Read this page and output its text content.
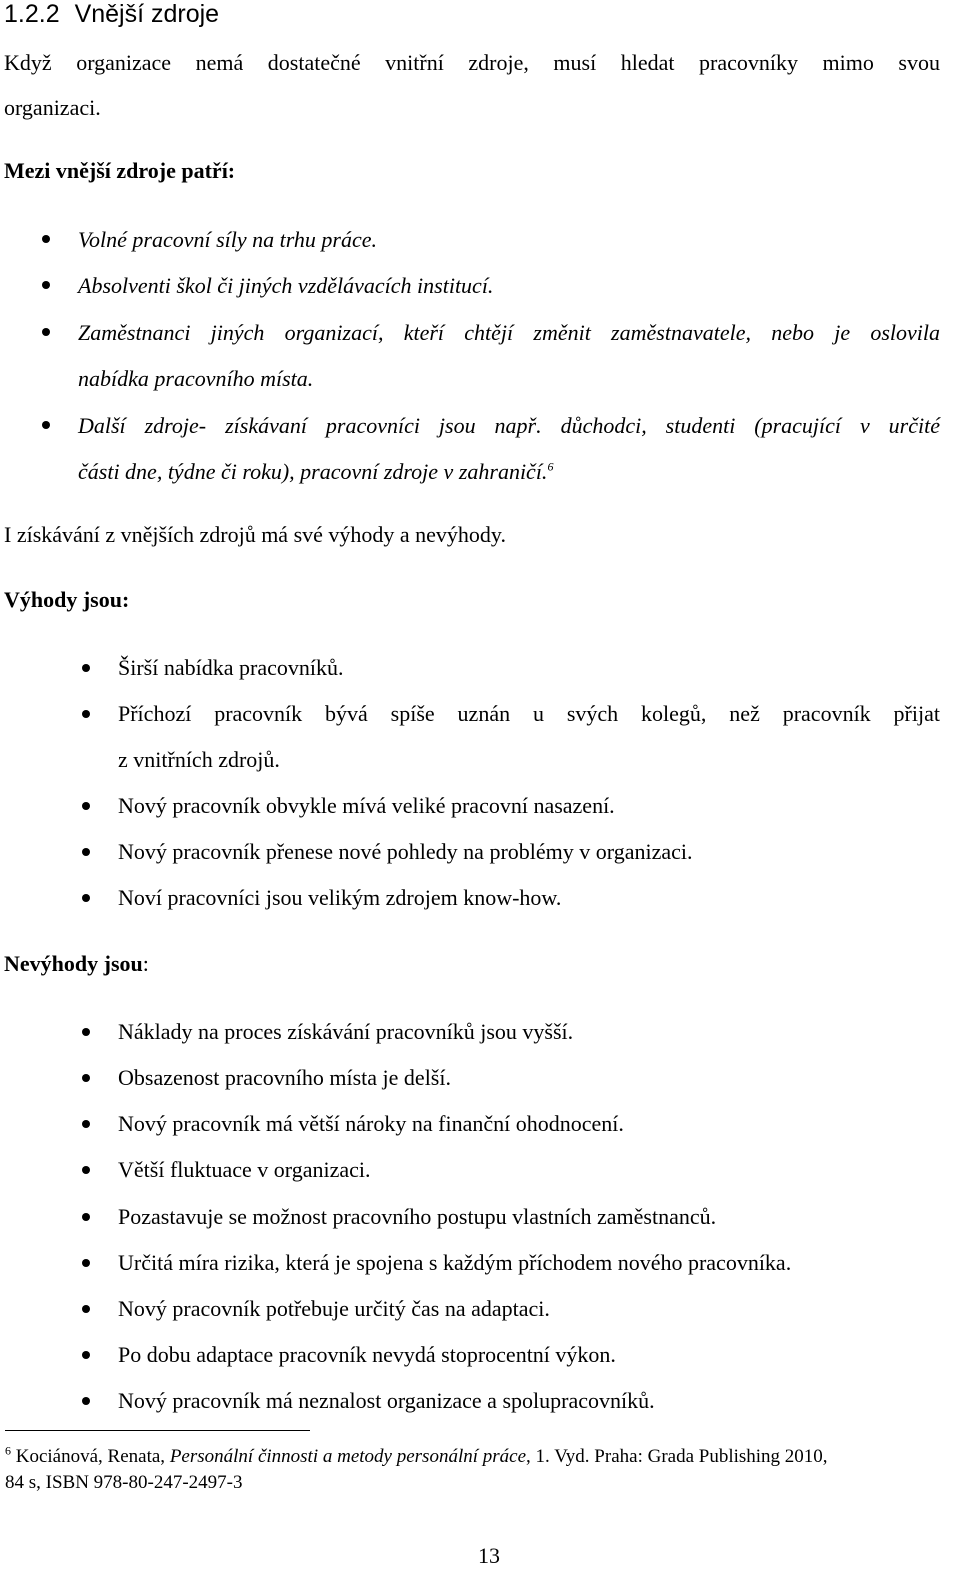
1.2.2 Vnější zdroje
Když organizace nemá dostatečné vnitřní zdroje, musí hledat pracovníky mimo svou
organizaci.
Mezi vnější zdroje patří:
Volné pracovní síly na trhu práce.
Absolventi škol či jiných vzdělávacích institucí.
Zaměstnanci jiných organizací, kteří chtějí změnit zaměstnavatele, nebo je oslovila
nabídka pracovního místa.
Další zdroje- získávaní pracovníci jsou např. důchodci, studenti (pracující v určité
části dne, týdne či roku), pracovní zdroje v zahraničí.$^6$
I získávání z vnějších zdrojů má své výhody a nevýhody.
Výhody jsou:
Širší nabídka pracovníků.
Příchozí pracovník bývá spíše uznán u svých kolegů, než pracovník přijat
z vnitřních zdrojů.
Nový pracovník obvykle mívá veliké pracovní nasazení.
Nový pracovník přenese nové pohledy na problémy v organizaci.
Noví pracovníci jsou velikým zdrojem know-how.
Nevýhody jsou:
Náklady na proces získávání pracovníků jsou vyšší.
Obsazenost pracovního místa je delší.
Nový pracovník má větší nároky na finanční ohodnocení.
Větší fluktuace v organizaci.
Pozastavuje se možnost pracovního postupu vlastních zaměstnanců.
Určitá míra rizika, která je spojena s každým příchodem nového pracovníka.
Nový pracovník potřebuje určitý čas na adaptaci.
Po dobu adaptace pracovník nevydá stoprocentní výkon.
Nový pracovník má neznalost organizace a spolupracovníků.
$^6$ Kociánová, Renata, Personální činnosti a metody personální práce, 1. Vyd. Praha: Grada Publishing 2010,
84 s, ISBN 978-80-247-2497-3
13
